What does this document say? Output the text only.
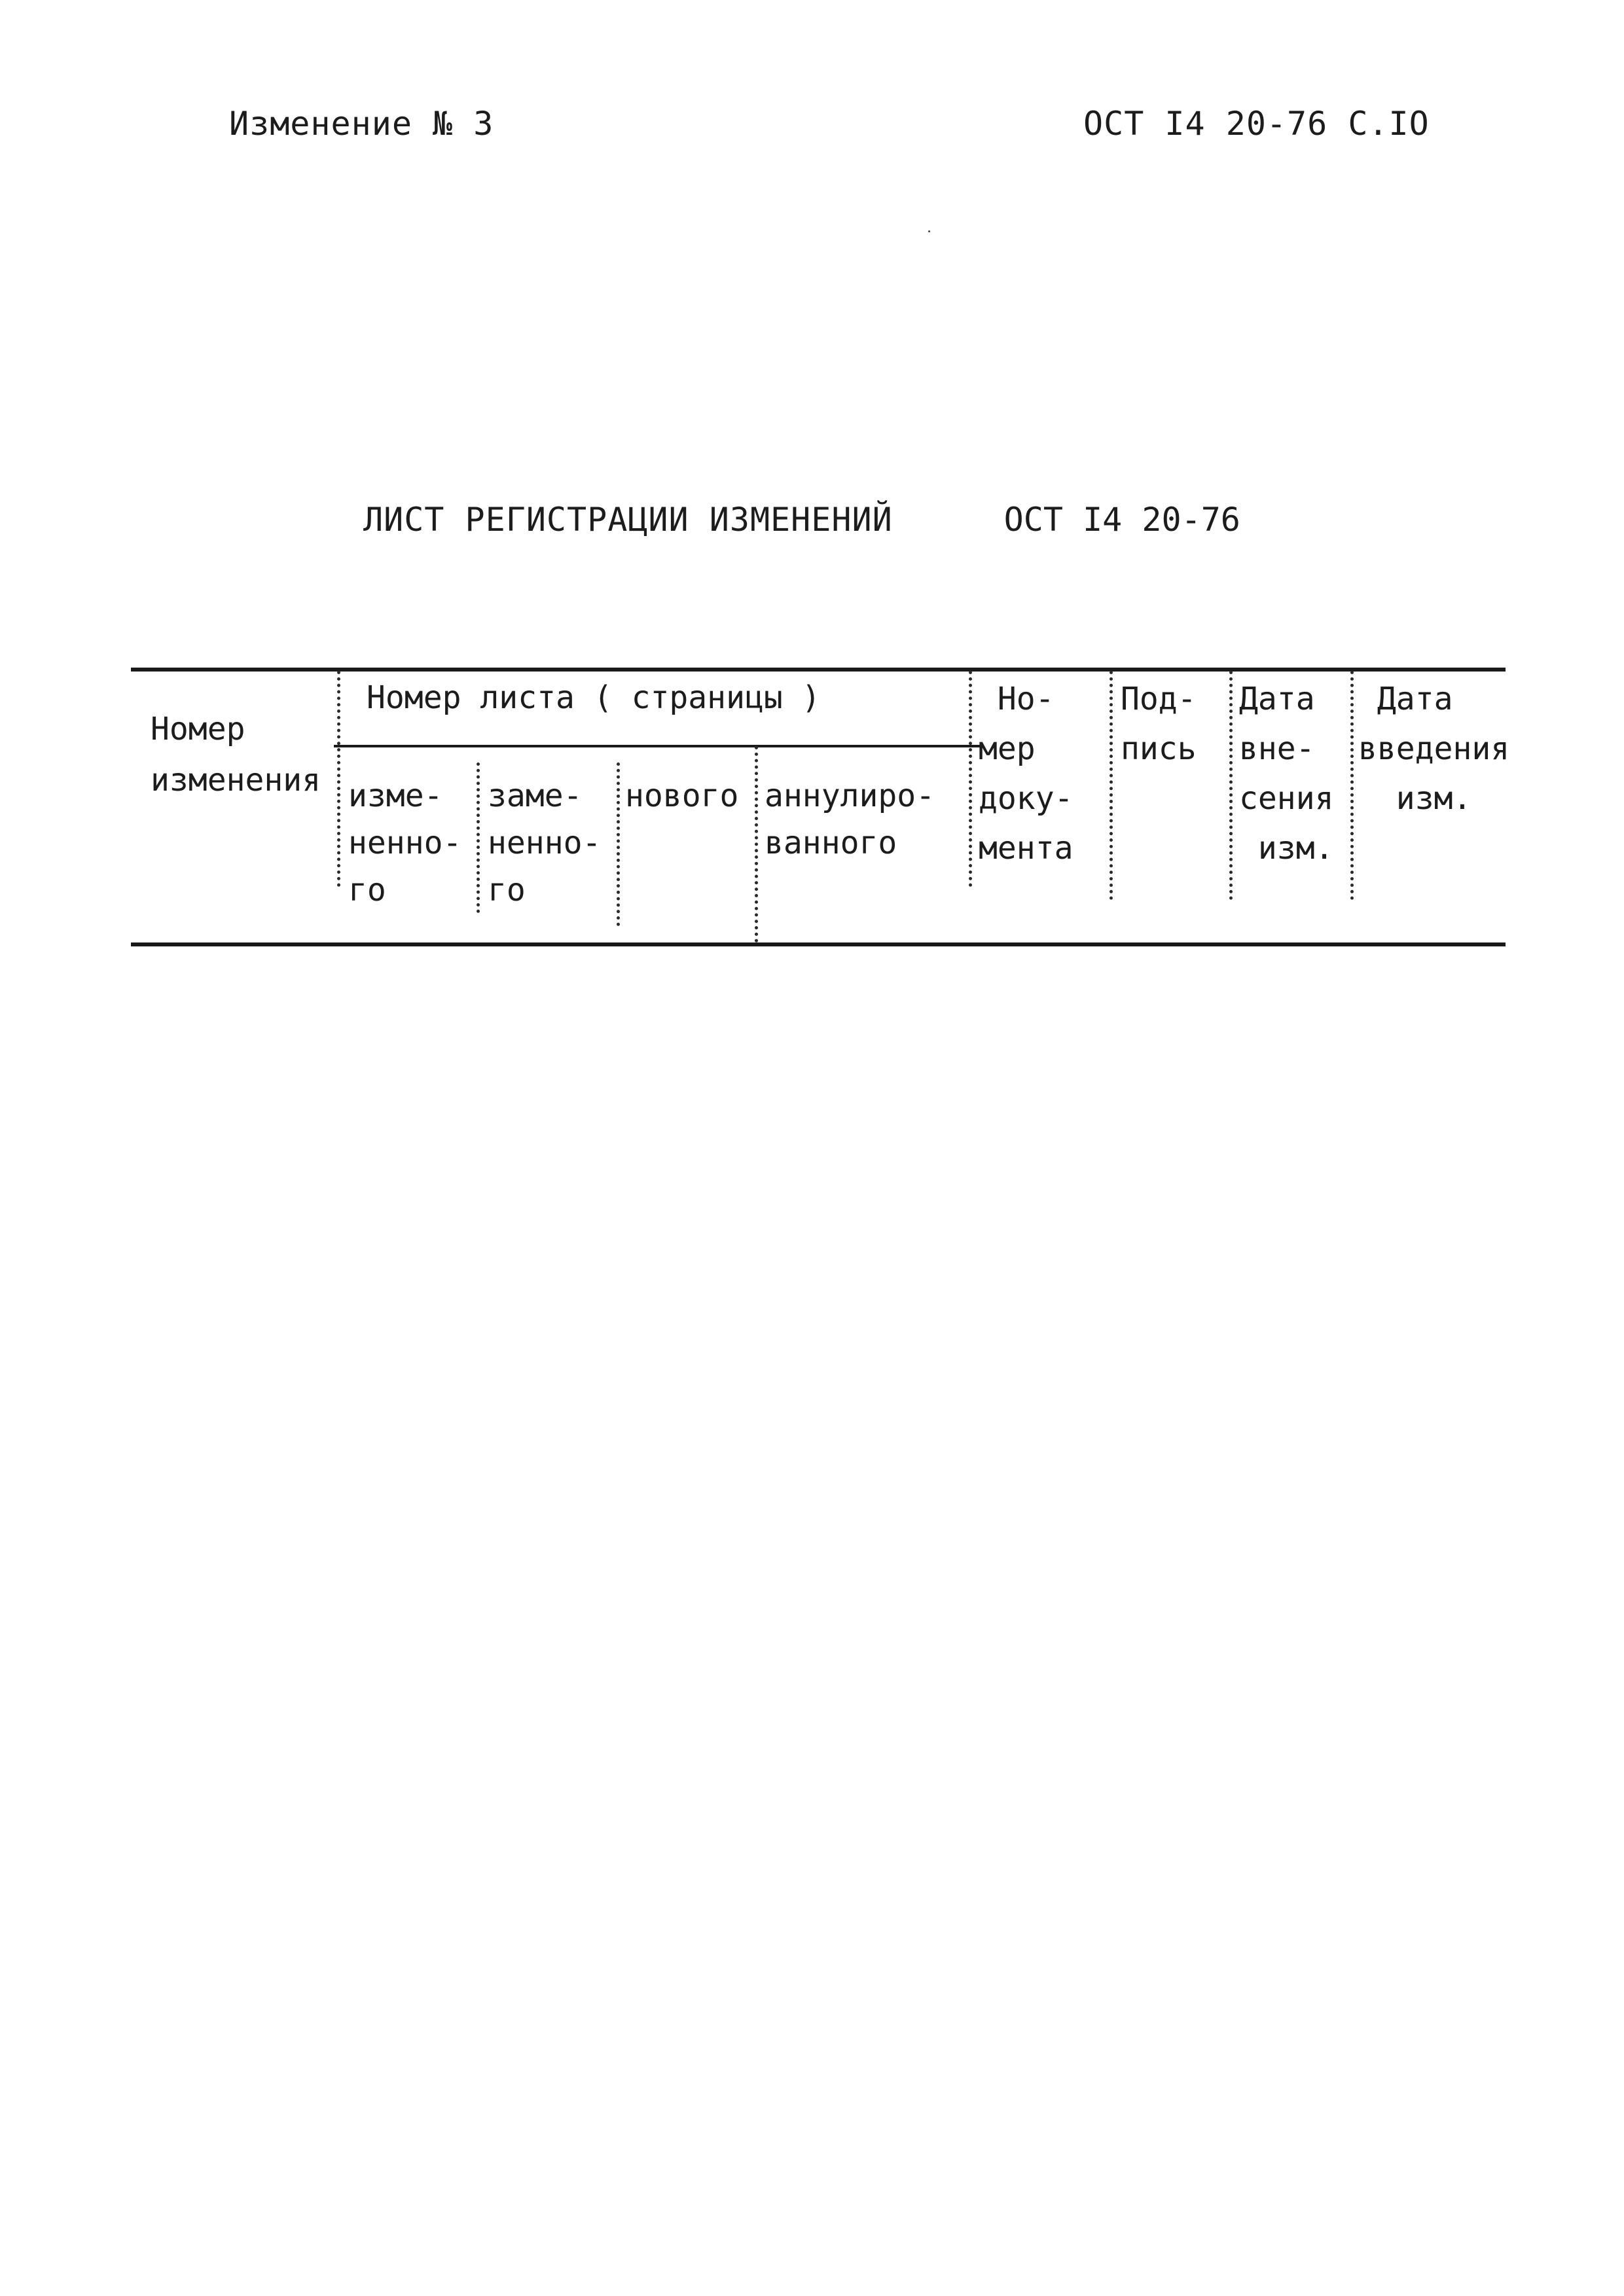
Изменение № 3	ОСТ I4 20-76 С.IO
ЛИСТ РЕГИСТРАЦИИ ИЗМЕНЕНИЙ	ОСТ I4 20-76
Номер
изменения
Номер листа ( страницы )
изме-
ненно-
го
заме-
ненно-
го
нового аннулиро-
ванного
Но-
мер
доку-
мента
Под-
пись
Дата
вне-
сения
изм.
Дата
введения
изм.
